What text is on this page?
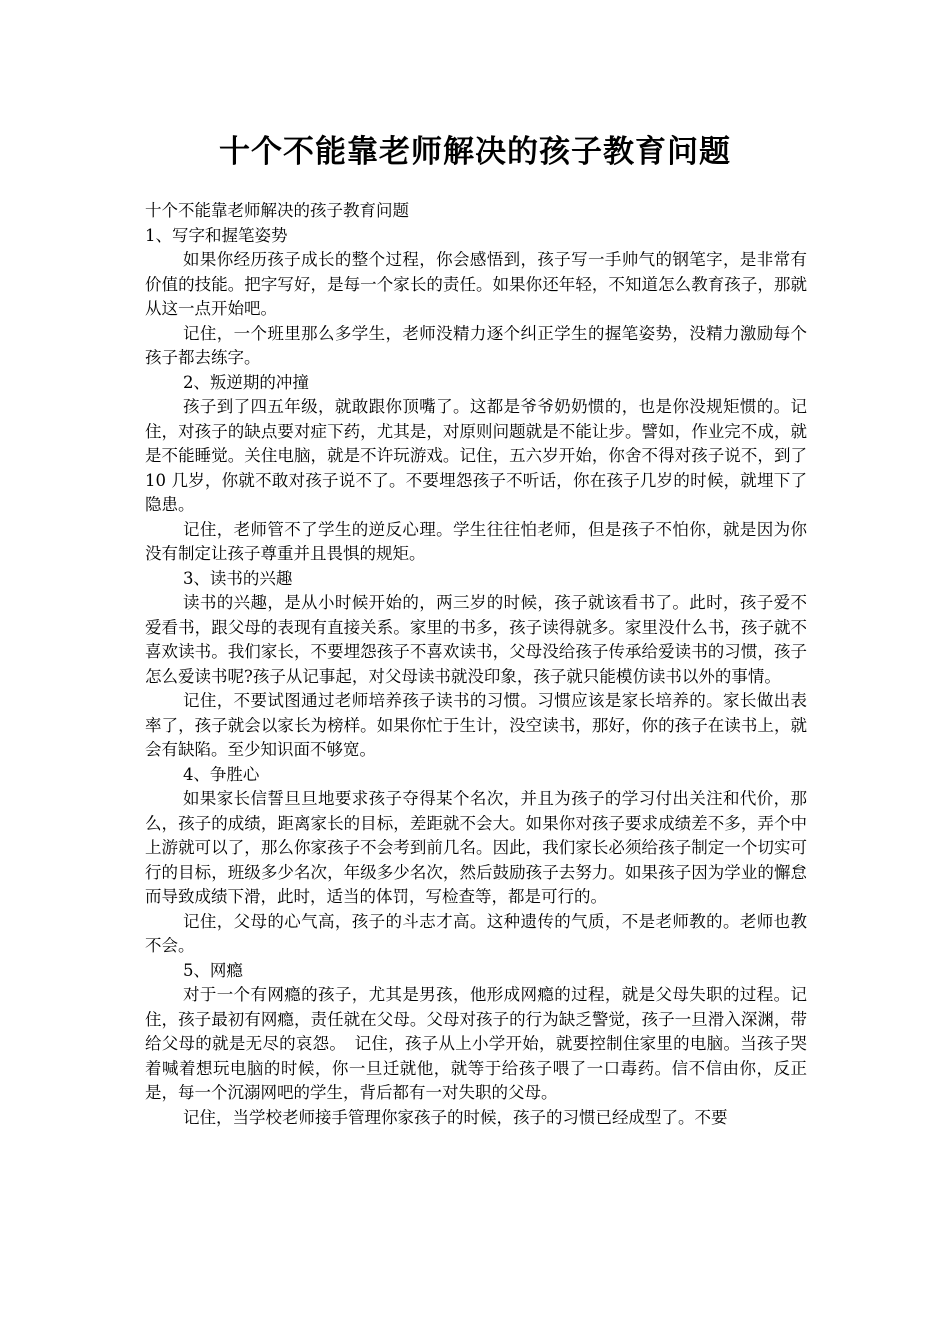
十个不能靠老师解决的孩子教育问题

十个不能靠老师解决的孩子教育问题

1、写字和握笔姿势

如果你经历孩子成长的整个过程，你会感悟到，孩子写一手帅气的钢笔字，是非常有价值的技能。把字写好，是每一个家长的责任。如果你还年轻，不知道怎么教育孩子，那就从这一点开始吧。

记住，一个班里那么多学生，老师没精力逐个纠正学生的握笔姿势，没精力激励每个孩子都去练字。

2、叛逆期的冲撞

孩子到了四五年级，就敢跟你顶嘴了。这都是爷爷奶奶惯的，也是你没规矩惯的。记住，对孩子的缺点要对症下药，尤其是，对原则问题就是不能让步。譬如，作业完不成，就是不能睡觉。关住电脑，就是不许玩游戏。记住，五六岁开始，你舍不得对孩子说不，到了 10 几岁，你就不敢对孩子说不了。不要埋怨孩子不听话，你在孩子几岁的时候，就埋下了隐患。

记住，老师管不了学生的逆反心理。学生往往怕老师，但是孩子不怕你，就是因为你没有制定让孩子尊重并且畏惧的规矩。

3、读书的兴趣

读书的兴趣，是从小时候开始的，两三岁的时候，孩子就该看书了。此时，孩子爱不爱看书，跟父母的表现有直接关系。家里的书多，孩子读得就多。家里没什么书，孩子就不喜欢读书。我们家长，不要埋怨孩子不喜欢读书，父母没给孩子传承给爱读书的习惯，孩子怎么爱读书呢?孩子从记事起，对父母读书就没印象，孩子就只能模仿读书以外的事情。

记住，不要试图通过老师培养孩子读书的习惯。习惯应该是家长培养的。家长做出表率了，孩子就会以家长为榜样。如果你忙于生计，没空读书，那好，你的孩子在读书上，就会有缺陷。至少知识面不够宽。

4、争胜心

如果家长信誓旦旦地要求孩子夺得某个名次，并且为孩子的学习付出关注和代价，那么，孩子的成绩，距离家长的目标，差距就不会大。如果你对孩子要求成绩差不多，弄个中上游就可以了，那么你家孩子不会考到前几名。因此，我们家长必须给孩子制定一个切实可行的目标，班级多少名次，年级多少名次，然后鼓励孩子去努力。如果孩子因为学业的懈怠而导致成绩下滑，此时，适当的体罚，写检查等，都是可行的。

记住，父母的心气高，孩子的斗志才高。这种遗传的气质，不是老师教的。老师也教不会。

5、网瘾

对于一个有网瘾的孩子，尤其是男孩，他形成网瘾的过程，就是父母失职的过程。记住，孩子最初有网瘾，责任就在父母。父母对孩子的行为缺乏警觉，孩子一旦滑入深渊，带给父母的就是无尽的哀怨。　记住，孩子从上小学开始，就要控制住家里的电脑。当孩子哭着喊着想玩电脑的时候，你一旦迁就他，就等于给孩子喂了一口毒药。信不信由你，反正是，每一个沉溺网吧的学生，背后都有一对失职的父母。

记住，当学校老师接手管理你家孩子的时候，孩子的习惯已经成型了。不要
